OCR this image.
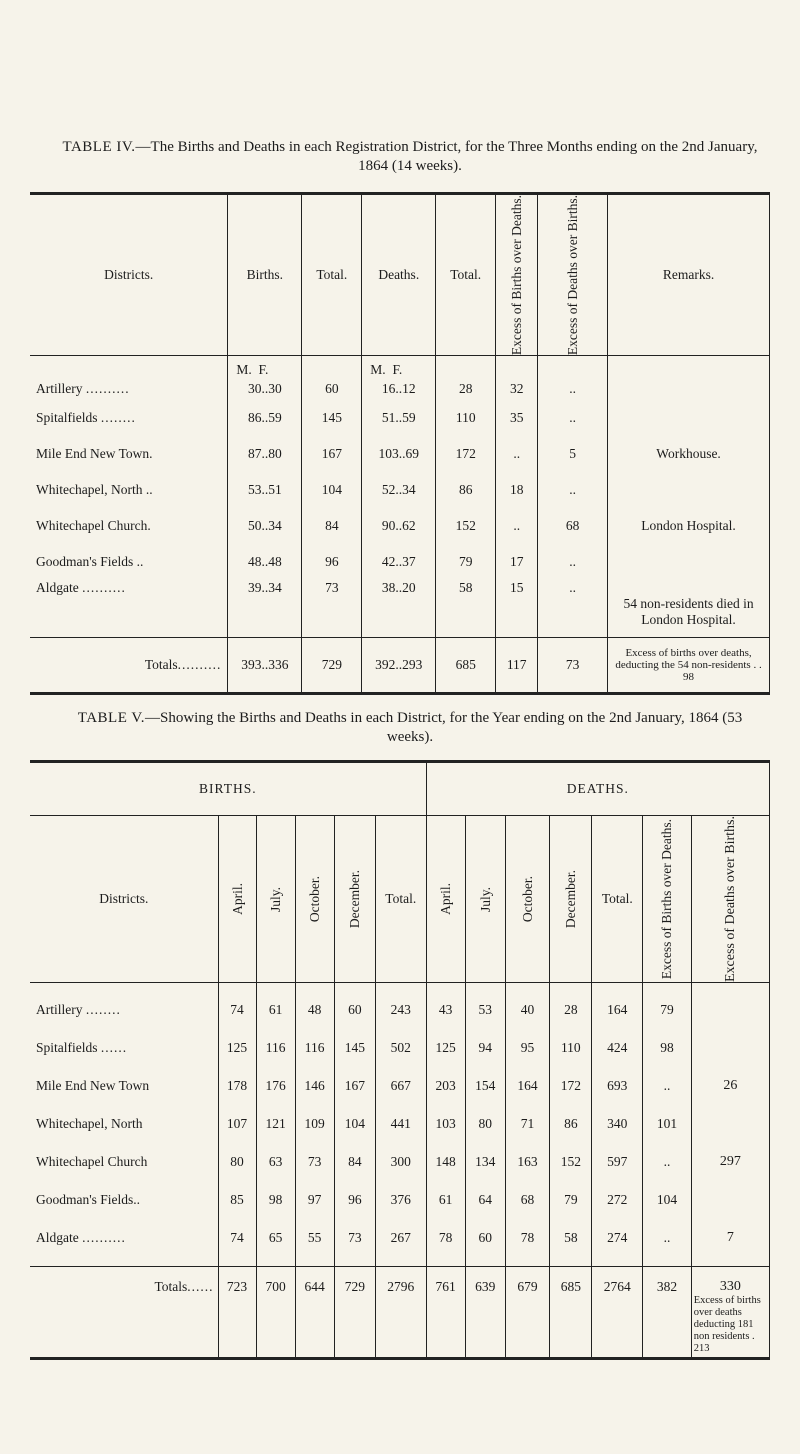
TABLE IV.—The Births and Deaths in each Registration District, for the Three Months ending on the 2nd January, 1864 (14 weeks).
Districts.	Births.	Total.	Deaths.	Total.	Excess of Births over Deaths.	Excess of Deaths over Births.	Remarks.
	M. F.		M. F.				
Artillery ..........	30..30	60	16..12	28	32	..	
Spitalfields ........	86..59	145	51..59	110	35	..	
Mile End New Town.	87..80	167	103..69	172	..	5	Workhouse.
Whitechapel, North ..	53..51	104	52..34	86	18	..	
Whitechapel Church.	50..34	84	90..62	152	..	68	London Hospital.
Goodman's Fields ..	48..48	96	42..37	79	17	..	
Aldgate ..........	39..34	73	38..20	58	15	..	54 non-residents died in London Hospital.

Totals..........	393..336	729	392..293	685	117	73	Excess of births over deaths, deducting the 54 non-residents . . 98
TABLE V.—Showing the Births and Deaths in each District, for the Year ending on the 2nd January, 1864 (53 weeks).
BIRTHS.						DEATHS.						
Districts.	April.	July.	October.	December.	Total.	April.	July.	October.	December.	Total.	Excess of Births over Deaths.	Excess of Deaths over Births.

Artillery ........	74	61	48	60	243	43	53	40	28	164	79	
Spitalfields ......	125	116	116	145	502	125	94	95	110	424	98	
Mile End New Town	178	176	146	167	667	203	154	164	172	693	..	26
Whitechapel, North	107	121	109	104	441	103	80	71	86	340	101	
Whitechapel Church	80	63	73	84	300	148	134	163	152	597	..	297
Goodman's Fields..	85	98	97	96	376	61	64	68	79	272	104	
Aldgate ..........	74	65	55	73	267	78	60	78	58	274	..	7

Totals......	723	700	644	729	2796	761	639	679	685	2764	382	330
Excess of births over deaths deducting 181 non residents . 213
